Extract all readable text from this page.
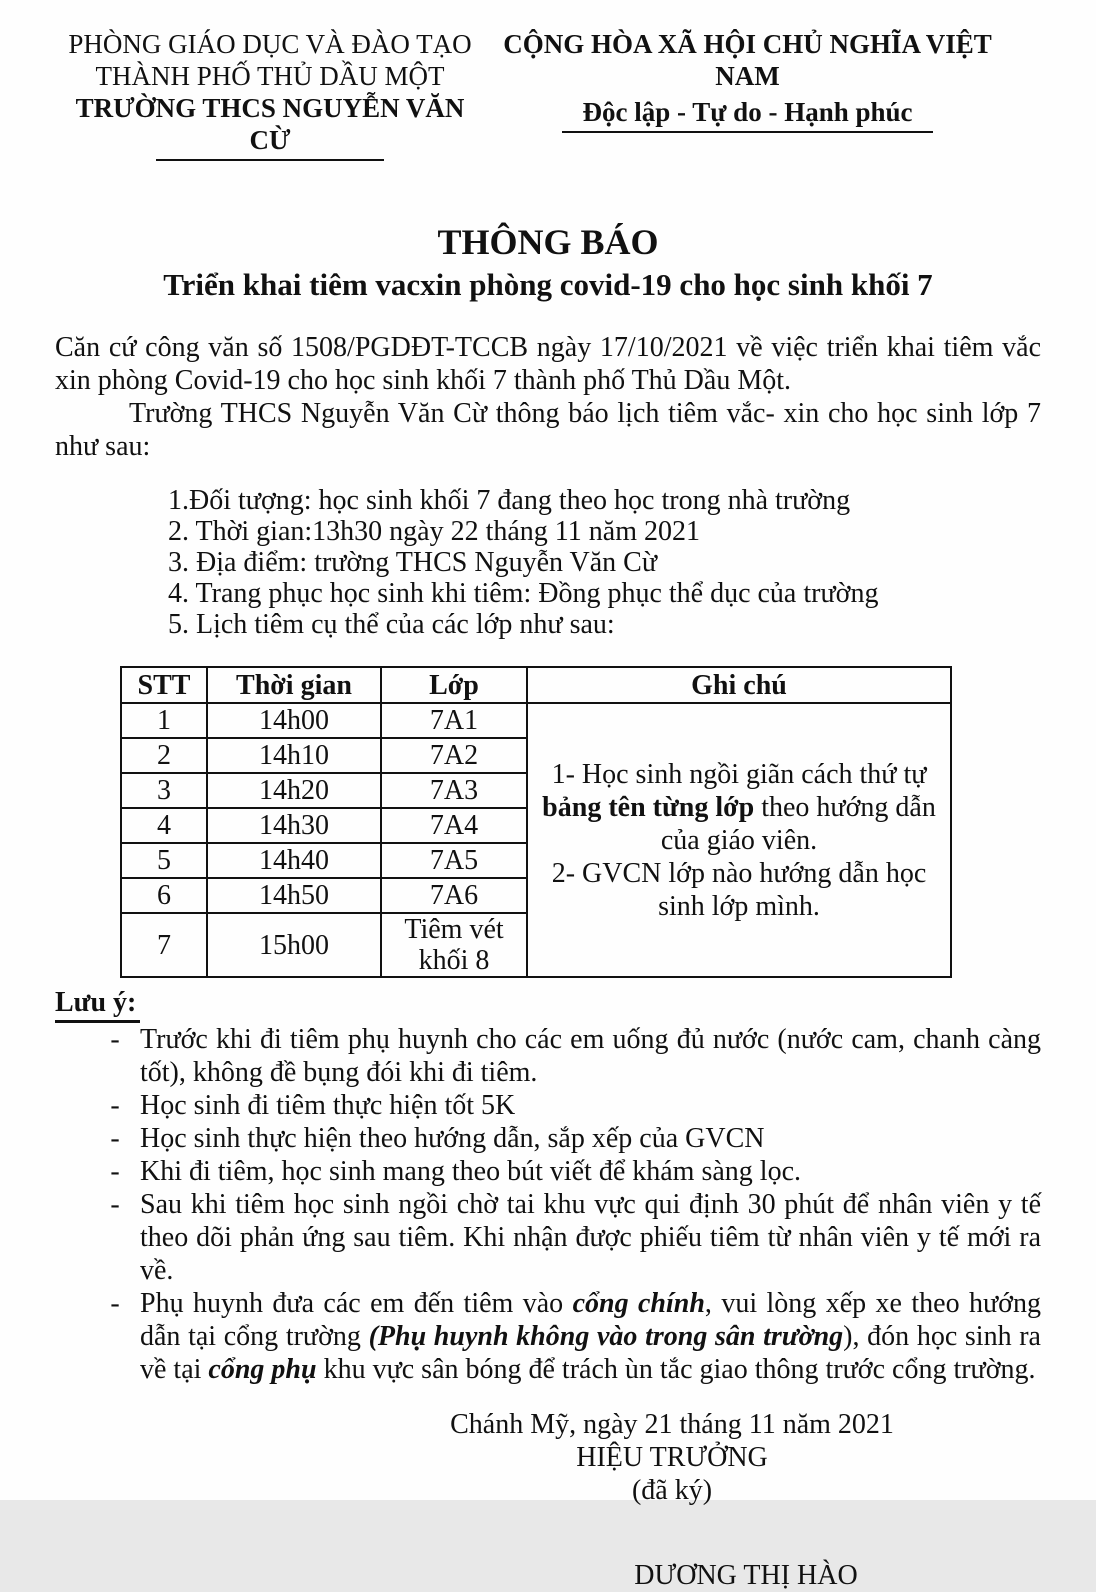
PHÒNG GIÁO DỤC VÀ ĐÀO TẠO
THÀNH PHỐ THỦ DẦU MỘT
TRƯỜNG THCS NGUYỄN VĂN CỪ
CỘNG HÒA XÃ HỘI CHỦ NGHĨA VIỆT  NAM
Độc lập - Tự do - Hạnh phúc
THÔNG BÁO
Triển khai tiêm vacxin phòng covid-19 cho học sinh khối 7
Căn cứ công văn số 1508/PGDĐT-TCCB ngày 17/10/2021 về việc triển khai tiêm vắc xin phòng Covid-19 cho học sinh khối 7 thành phố Thủ Dầu Một.
Trường THCS Nguyễn Văn Cừ thông báo lịch tiêm vắc- xin cho học sinh lớp 7 như sau:
1.Đối tượng: học sinh khối 7 đang theo học trong nhà trường
2. Thời gian:13h30 ngày 22 tháng 11 năm 2021
3. Địa điểm: trường THCS Nguyễn Văn Cừ
4. Trang phục học sinh khi tiêm: Đồng phục thể dục của trường
5. Lịch tiêm cụ thể của các lớp như sau:
STT	Thời gian	Lớp	Ghi chú
1	14h00	7A1	1- Học sinh ngồi giãn cách thứ tự bảng tên từng lớp theo hướng dẫn của giáo viên.
2- GVCN lớp nào hướng dẫn học sinh lớp mình.

2	14h10	7A2	
3	14h20	7A3	
4	14h30	7A4	
5	14h40	7A5	
6	14h50	7A6	
7	15h00	Tiêm vét khối 8	
Lưu ý:
- Trước khi đi tiêm phụ huynh cho các em uống đủ nước (nước cam, chanh càng tốt), không đề bụng đói khi đi tiêm.
- Học sinh đi tiêm thực hiện tốt 5K
- Học sinh thực hiện theo hướng dẫn, sắp xếp của GVCN
- Khi đi tiêm, học sinh mang theo bút viết để khám sàng lọc.
- Sau khi tiêm học sinh ngồi chờ tai khu vực qui định 30 phút để nhân viên y tế theo dõi phản ứng sau tiêm. Khi nhận được phiếu tiêm từ nhân viên y tế mới ra về.
- Phụ huynh đưa các em đến tiêm vào cổng chính, vui lòng xếp xe theo hướng dẫn tại cổng trường (Phụ huynh không vào trong sân trường), đón học sinh ra về tại cổng phụ khu vực sân bóng để trách ùn tắc giao thông trước cổng trường.
Chánh Mỹ, ngày 21 tháng 11 năm 2021
HIỆU TRƯỞNG
(đã ký)
DƯƠNG THỊ HÀO
